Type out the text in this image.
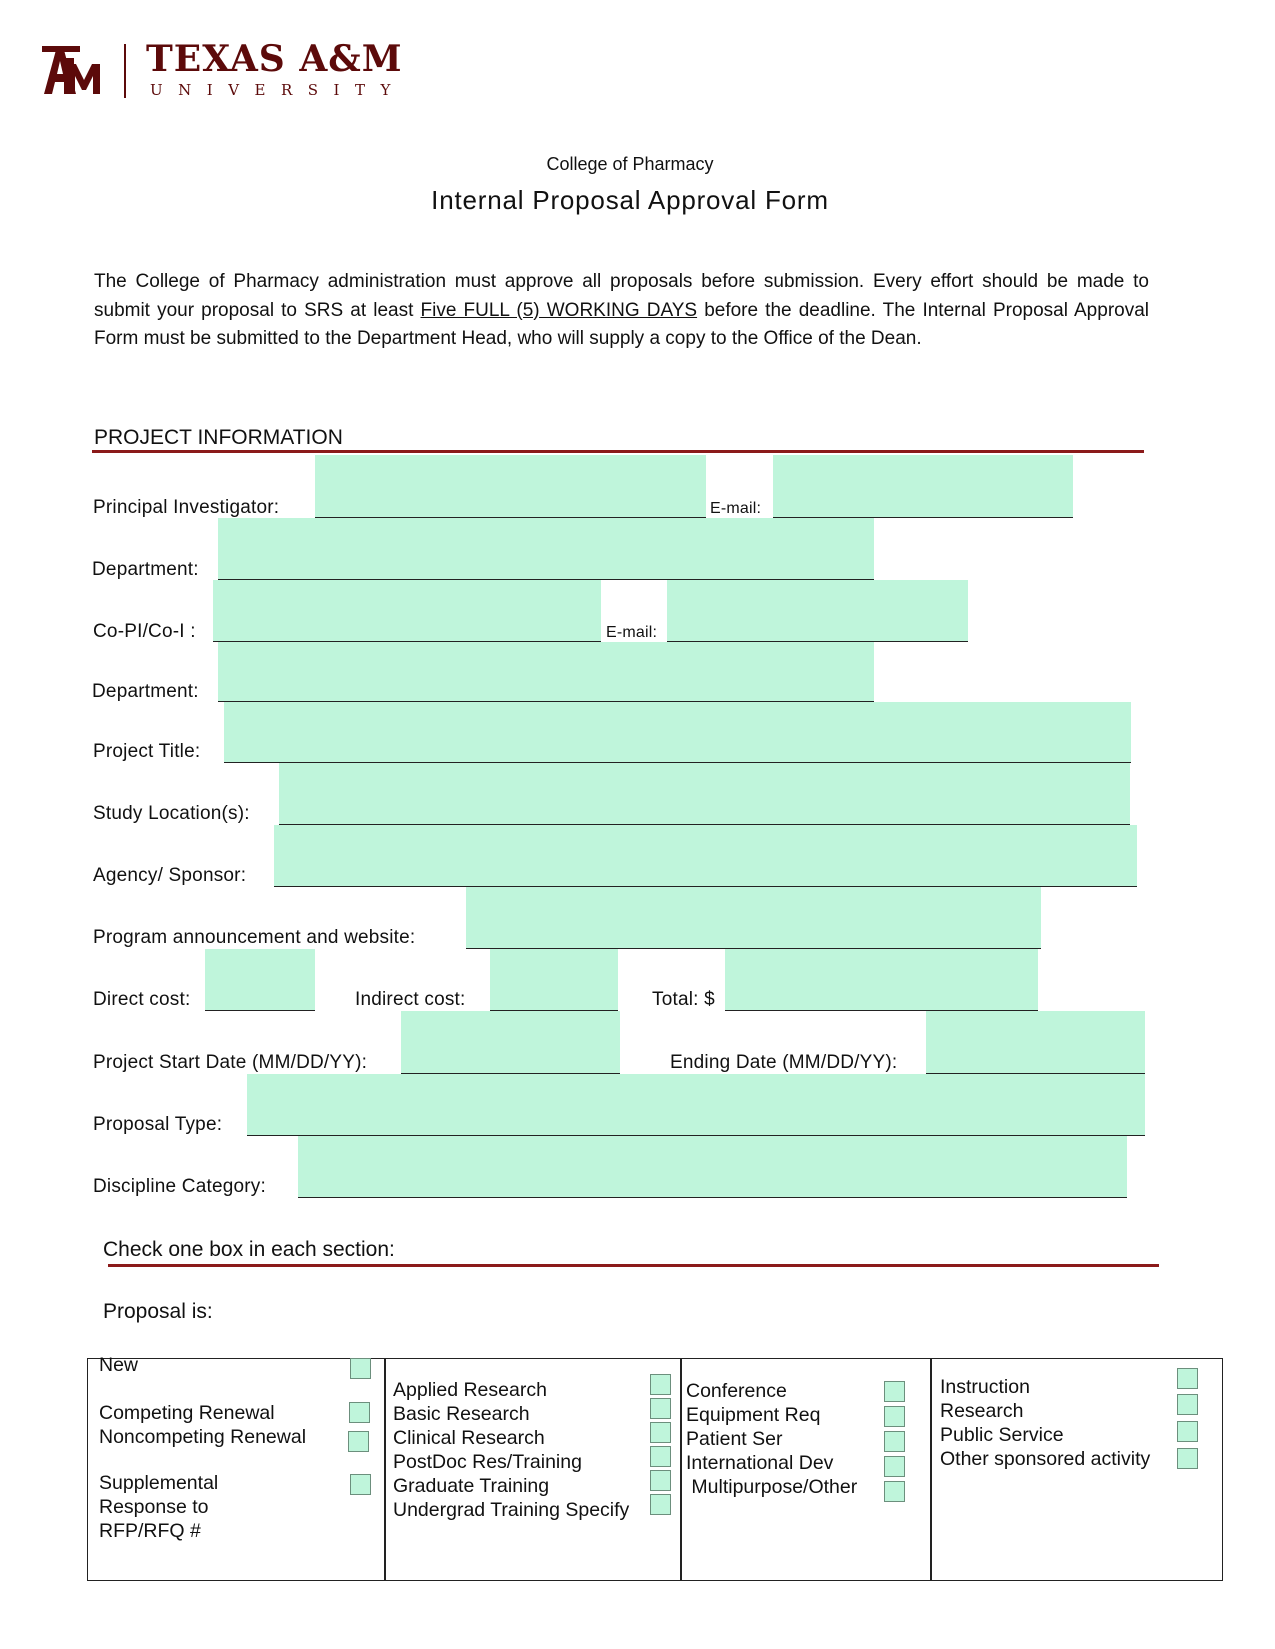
TEXAS A&M
UNIVERSITY
College of Pharmacy
Internal Proposal Approval Form
The College of Pharmacy administration must approve all proposals before submission. Every effort should be made to submit your proposal to SRS at least Five FULL (5) WORKING DAYS before the deadline. The Internal Proposal Approval Form must be submitted to the Department Head, who will supply a copy to the Office of the Dean.
PROJECT INFORMATION
Principal Investigator:	E-mail:
Department:
Co-PI/Co-I :	E-mail:
Department:
Project Title:
Study Location(s):
Agency/ Sponsor:
Program announcement and website:
Direct cost:	Indirect cost:	Total: $
Project Start Date (MM/DD/YY):	Ending Date (MM/DD/YY):
Proposal Type:
Discipline Category:
Check one box in each section:
Proposal is:
New
Competing Renewal
Noncompeting Renewal
Supplemental
Response to
RFP/RFQ #
Applied Research
Basic Research
Clinical Research
PostDoc Res/Training
Graduate Training
Undergrad Training Specify
Conference
Equipment Req
Patient Ser
International Dev
Multipurpose/Other
Instruction
Research
Public Service
Other sponsored activity
